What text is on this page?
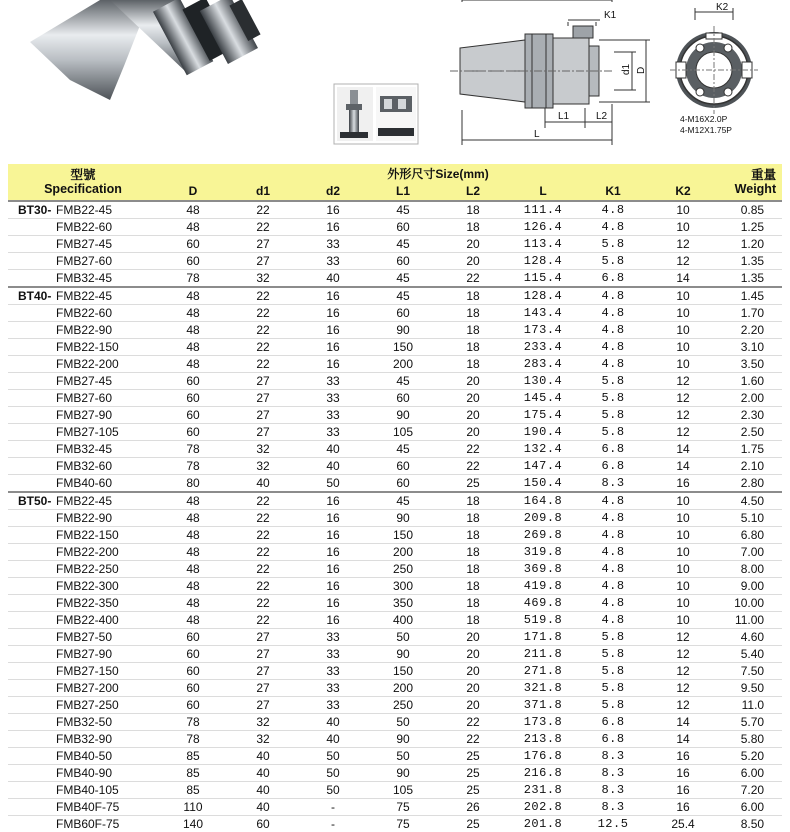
K1
d1 D
L1	L2
L
K2
4-M16X2.0P
4-M12X1.75P
型號
Specification	外形尺寸Size(mm)								重量
Weight

	D	d1	d2	L1	L2	L	K1	K2	

BT30- FMB22-45	48	22	16	45	18	111.4	4.8	10	0.85
FMB22-60	48	22	16	60	18	126.4	4.8	10	1.25
FMB27-45	60	27	33	45	20	113.4	5.8	12	1.20
FMB27-60	60	27	33	60	20	128.4	5.8	12	1.35
FMB32-45	78	32	40	45	22	115.4	6.8	14	1.35

BT40- FMB22-45	48	22	16	45	18	128.4	4.8	10	1.45
FMB22-60	48	22	16	60	18	143.4	4.8	10	1.70
FMB22-90	48	22	16	90	18	173.4	4.8	10	2.20
FMB22-150	48	22	16	150	18	233.4	4.8	10	3.10
FMB22-200	48	22	16	200	18	283.4	4.8	10	3.50
FMB27-45	60	27	33	45	20	130.4	5.8	12	1.60
FMB27-60	60	27	33	60	20	145.4	5.8	12	2.00
FMB27-90	60	27	33	90	20	175.4	5.8	12	2.30
FMB27-105	60	27	33	105	20	190.4	5.8	12	2.50
FMB32-45	78	32	40	45	22	132.4	6.8	14	1.75
FMB32-60	78	32	40	60	22	147.4	6.8	14	2.10
FMB40-60	80	40	50	60	25	150.4	8.3	16	2.80

BT50- FMB22-45	48	22	16	45	18	164.8	4.8	10	4.50
FMB22-90	48	22	16	90	18	209.8	4.8	10	5.10
FMB22-150	48	22	16	150	18	269.8	4.8	10	6.80
FMB22-200	48	22	16	200	18	319.8	4.8	10	7.00
FMB22-250	48	22	16	250	18	369.8	4.8	10	8.00
FMB22-300	48	22	16	300	18	419.8	4.8	10	9.00
FMB22-350	48	22	16	350	18	469.8	4.8	10	10.00
FMB22-400	48	22	16	400	18	519.8	4.8	10	11.00
FMB27-50	60	27	33	50	20	171.8	5.8	12	4.60
FMB27-90	60	27	33	90	20	211.8	5.8	12	5.40
FMB27-150	60	27	33	150	20	271.8	5.8	12	7.50
FMB27-200	60	27	33	200	20	321.8	5.8	12	9.50
FMB27-250	60	27	33	250	20	371.8	5.8	12	11.0
FMB32-50	78	32	40	50	22	173.8	6.8	14	5.70
FMB32-90	78	32	40	90	22	213.8	6.8	14	5.80
FMB40-50	85	40	50	50	25	176.8	8.3	16	5.20
FMB40-90	85	40	50	90	25	216.8	8.3	16	6.00
FMB40-105	85	40	50	105	25	231.8	8.3	16	7.20
FMB40F-75	110	40	-	75	26	202.8	8.3	16	6.00
FMB60F-75	140	60	-	75	25	201.8	12.5	25.4	8.50
